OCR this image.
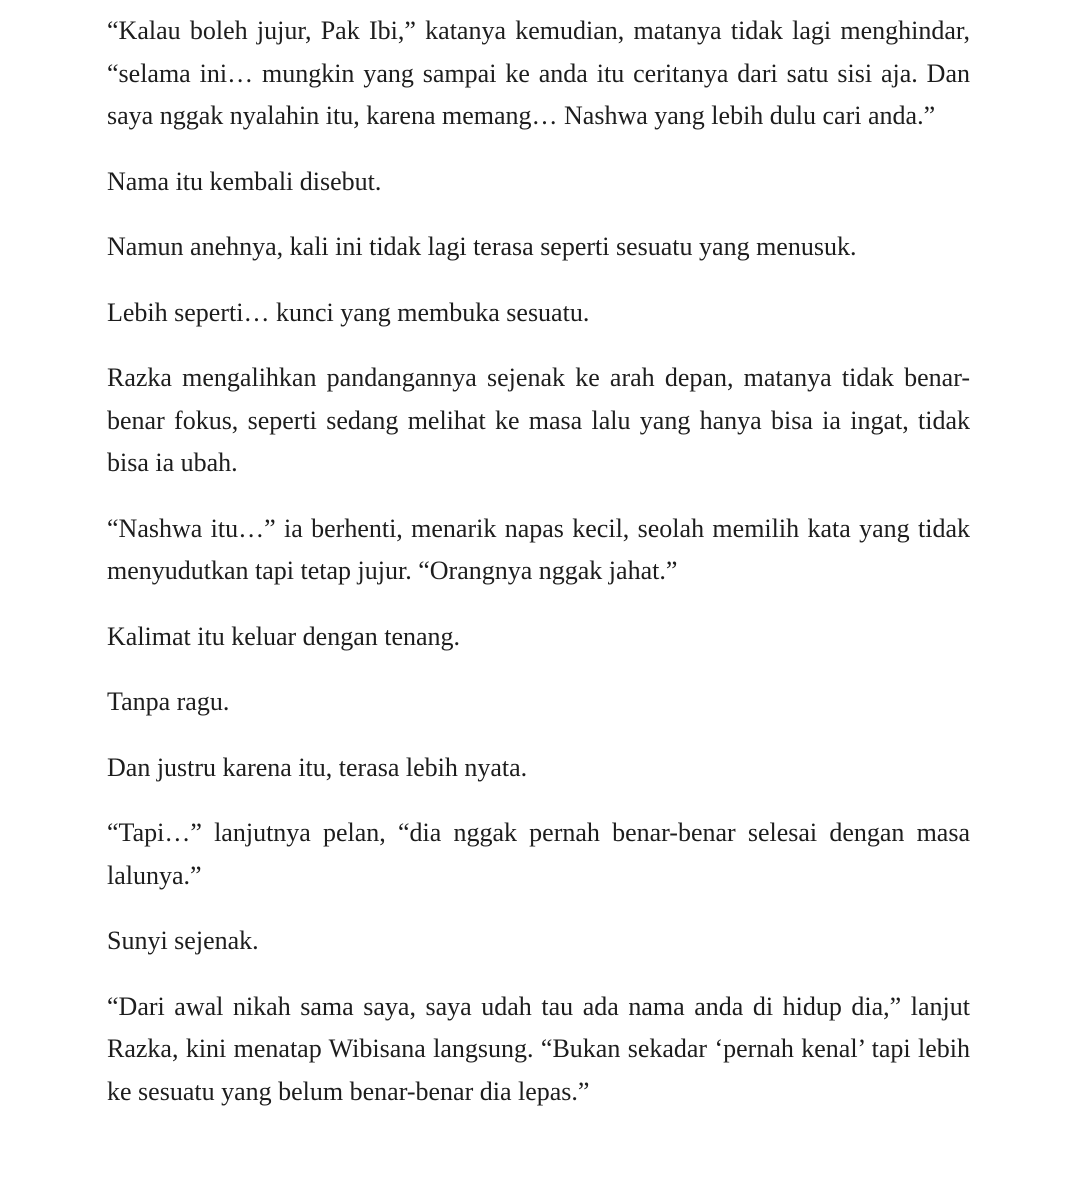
“Kalau boleh jujur, Pak Ibi,” katanya kemudian, matanya tidak lagi menghindar, “selama ini… mungkin yang sampai ke anda itu ceritanya dari satu sisi aja. Dan saya nggak nyalahin itu, karena memang… Nashwa yang lebih dulu cari anda.”

Nama itu kembali disebut.

Namun anehnya, kali ini tidak lagi terasa seperti sesuatu yang menusuk.

Lebih seperti… kunci yang membuka sesuatu.

Razka mengalihkan pandangannya sejenak ke arah depan, matanya tidak benar-benar fokus, seperti sedang melihat ke masa lalu yang hanya bisa ia ingat, tidak bisa ia ubah.

“Nashwa itu…” ia berhenti, menarik napas kecil, seolah memilih kata yang tidak menyudutkan tapi tetap jujur. “Orangnya nggak jahat.”

Kalimat itu keluar dengan tenang.

Tanpa ragu.

Dan justru karena itu, terasa lebih nyata.

“Tapi…” lanjutnya pelan, “dia nggak pernah benar-benar selesai dengan masa lalunya.”

Sunyi sejenak.

“Dari awal nikah sama saya, saya udah tau ada nama anda di hidup dia,” lanjut Razka, kini menatap Wibisana langsung. “Bukan sekadar ‘pernah kenal’ tapi lebih ke sesuatu yang belum benar-benar dia lepas.”
